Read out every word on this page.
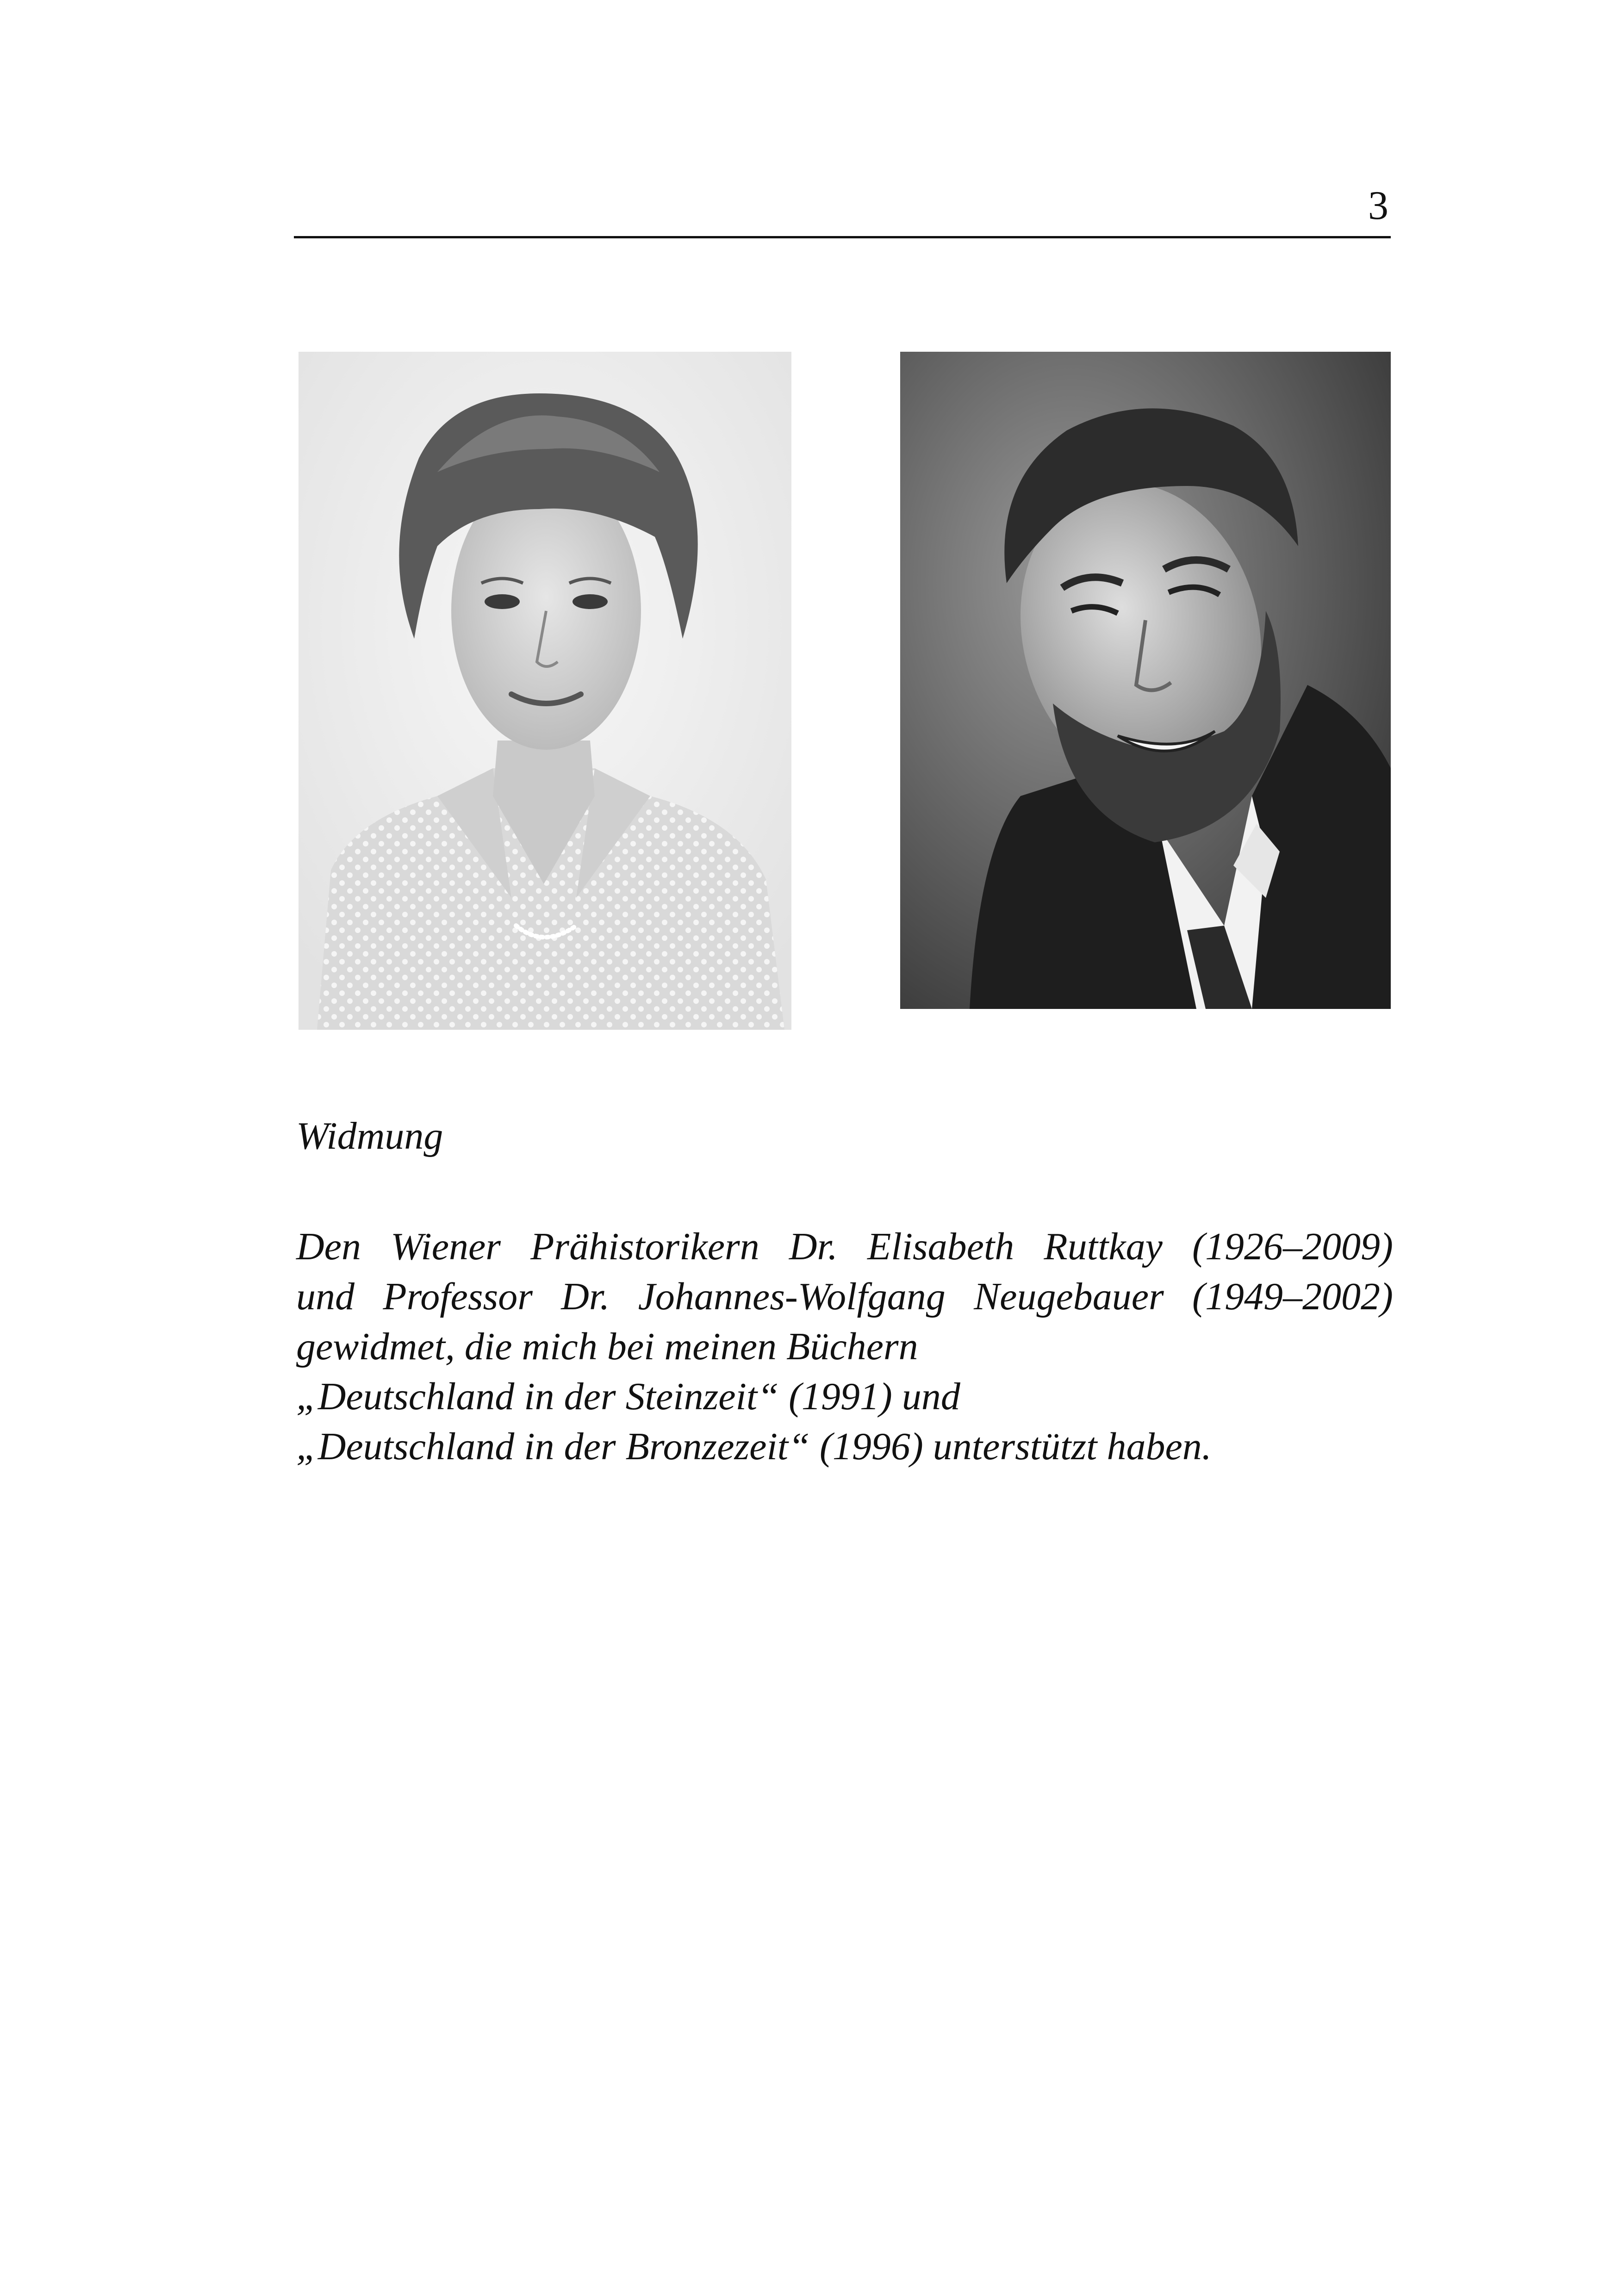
3
Widmung
Den Wiener Prähistorikern Dr. Elisabeth Ruttkay (1926–2009)
und Professor Dr. Johannes-Wolfgang Neugebauer (1949–2002)
gewidmet, die mich bei meinen Büchern
„Deutschland in der Steinzeit“ (1991) und
„Deutschland in der Bronzezeit“ (1996) unterstützt haben.
